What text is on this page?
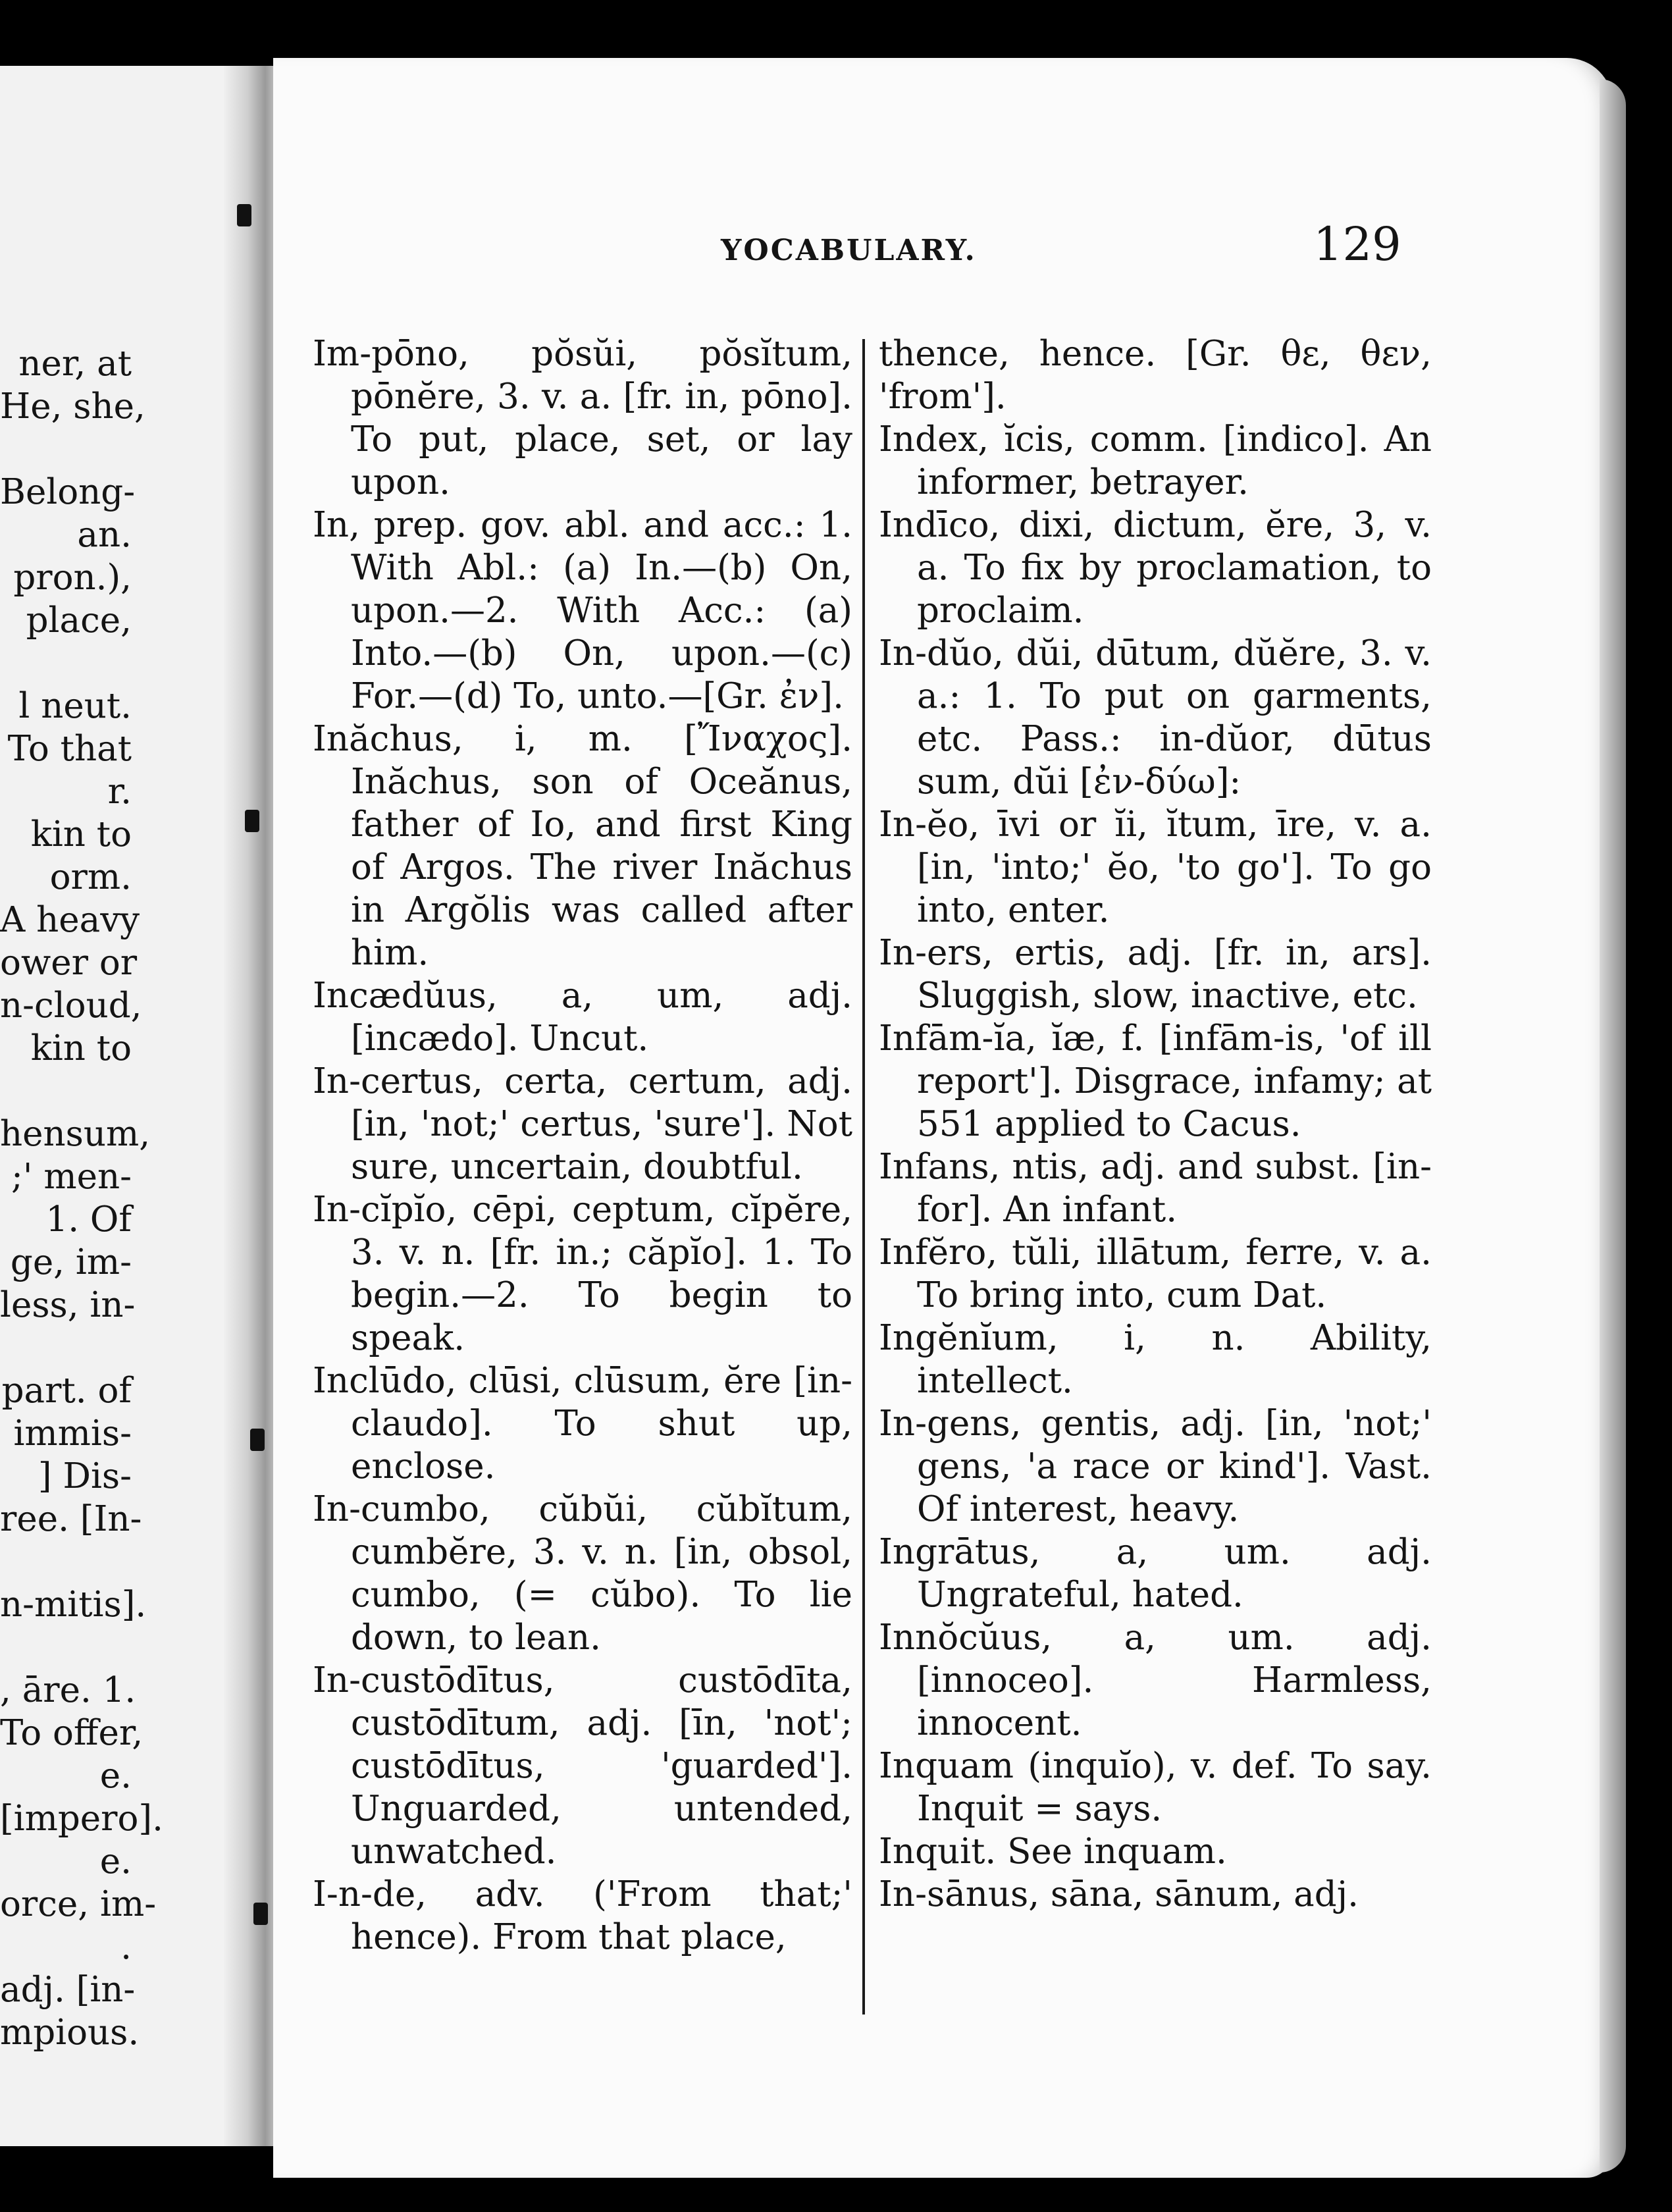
ner, at
He, she,

Belong-
an.
pron.),
place,

l neut.
To that
r.
kin to
orm.
A heavy
ower or
n-cloud,
kin to

hensum,
;' men-
1. Of
ge, im-
less, in-

part. of
immis-
] Dis-
ree. [In-

n-mitis].

, āre. 1.
To offer,
e.
[impero].
e.
orce, im-
.
adj. [in-
mpious.
YOCABULARY.	129
Im-pōno, pŏsŭi, pŏsĭtum, pōnĕre, 3. v. a. [fr. in, pōno]. To put, place, set, or lay upon.
In, prep. gov. abl. and acc.: 1. With Abl.: (a) In.—(b) On, upon.—2. With Acc.: (a) Into.—(b) On, upon.—(c) For.—(d) To, unto.—[Gr. ἐν].
Inăchus, i, m. [Ἴναχος]. Inăchus, son of Oceănus, father of Io, and first King of Argos. The river Inăchus in Argŏlis was called after him.
Incædŭus, a, um, adj. [incædo]. Uncut.
In-certus, certa, certum, adj. [in, 'not;' certus, 'sure']. Not sure, uncertain, doubtful.
In-cĭpĭo, cēpi, ceptum, cĭpĕre, 3. v. n. [fr. in.; căpĭo]. 1. To begin.—2. To begin to speak.
Inclūdo, clūsi, clūsum, ĕre [in-claudo]. To shut up, enclose.
In-cumbo, cŭbŭi, cŭbĭtum, cumbĕre, 3. v. n. [in, obsol, cumbo, (= cŭbo). To lie down, to lean.
In-custōdītus, custōdīta, custōdītum, adj. [īn, 'not'; custōdītus, 'guarded']. Unguarded, untended, unwatched.
I-n-de, adv. ('From that;' hence). From that place,
thence, hence. [Gr. θε, θεν, 'from'].
Index, ĭcis, comm. [indico]. An informer, betrayer.
Indīco, dixi, dictum, ĕre, 3, v. a. To fix by proclamation, to proclaim.
In-dŭo, dŭi, dūtum, dŭĕre, 3. v. a.: 1. To put on garments, etc. Pass.: in-dŭor, dūtus sum, dŭi [ἐν-δύω]:
In-ĕo, īvi or ĭi, ĭtum, īre, v. a. [in, 'into;' ĕo, 'to go']. To go into, enter.
In-ers, ertis, adj. [fr. in, ars]. Sluggish, slow, inactive, etc.
Infām-ĭa, ĭæ, f. [infām-is, 'of ill report']. Disgrace, infamy; at 551 applied to Cacus.
Infans, ntis, adj. and subst. [in-for]. An infant.
Infĕro, tŭli, illātum, ferre, v. a. To bring into, cum Dat.
Ingĕnĭum, i, n. Ability, intellect.
In-gens, gentis, adj. [in, 'not;' gens, 'a race or kind']. Vast. Of interest, heavy.
Ingrātus, a, um. adj. Ungrateful, hated.
Innŏcŭus, a, um. adj. [innoceo]. Harmless, innocent.
Inquam (inquĭo), v. def. To say. Inquit = says.
Inquit. See inquam.
In-sānus, sāna, sānum, adj.
